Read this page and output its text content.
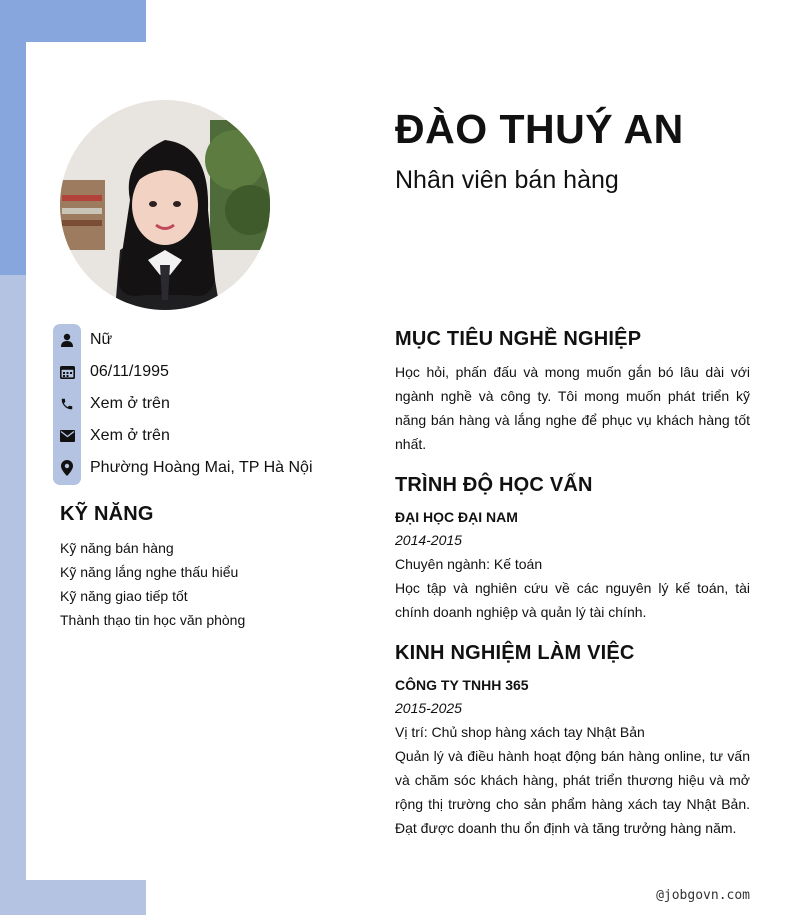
ĐÀO THUÝ AN
Nhân viên bán hàng
Nữ
06/11/1995
Xem ở trên
Xem ở trên
Phường Hoàng Mai, TP Hà Nội
KỸ NĂNG
Kỹ năng bán hàng
Kỹ năng lắng nghe thấu hiểu
Kỹ năng giao tiếp tốt
Thành thạo tin học văn phòng
MỤC TIÊU NGHỀ NGHIỆP
Học hỏi, phấn đấu và mong muốn gắn bó lâu dài với ngành nghề và công ty. Tôi mong muốn phát triển kỹ năng bán hàng và lắng nghe để phục vụ khách hàng tốt nhất.
TRÌNH ĐỘ HỌC VẤN
ĐẠI HỌC ĐẠI NAM
2014-2015
Chuyên ngành: Kế toán
Học tập và nghiên cứu về các nguyên lý kế toán, tài chính doanh nghiệp và quản lý tài chính.
KINH NGHIỆM LÀM VIỆC
CÔNG TY TNHH 365
2015-2025
Vị trí: Chủ shop hàng xách tay Nhật Bản
Quản lý và điều hành hoạt động bán hàng online, tư vấn và chăm sóc khách hàng, phát triển thương hiệu và mở rộng thị trường cho sản phẩm hàng xách tay Nhật Bản. Đạt được doanh thu ổn định và tăng trưởng hàng năm.
@jobgovn.com
